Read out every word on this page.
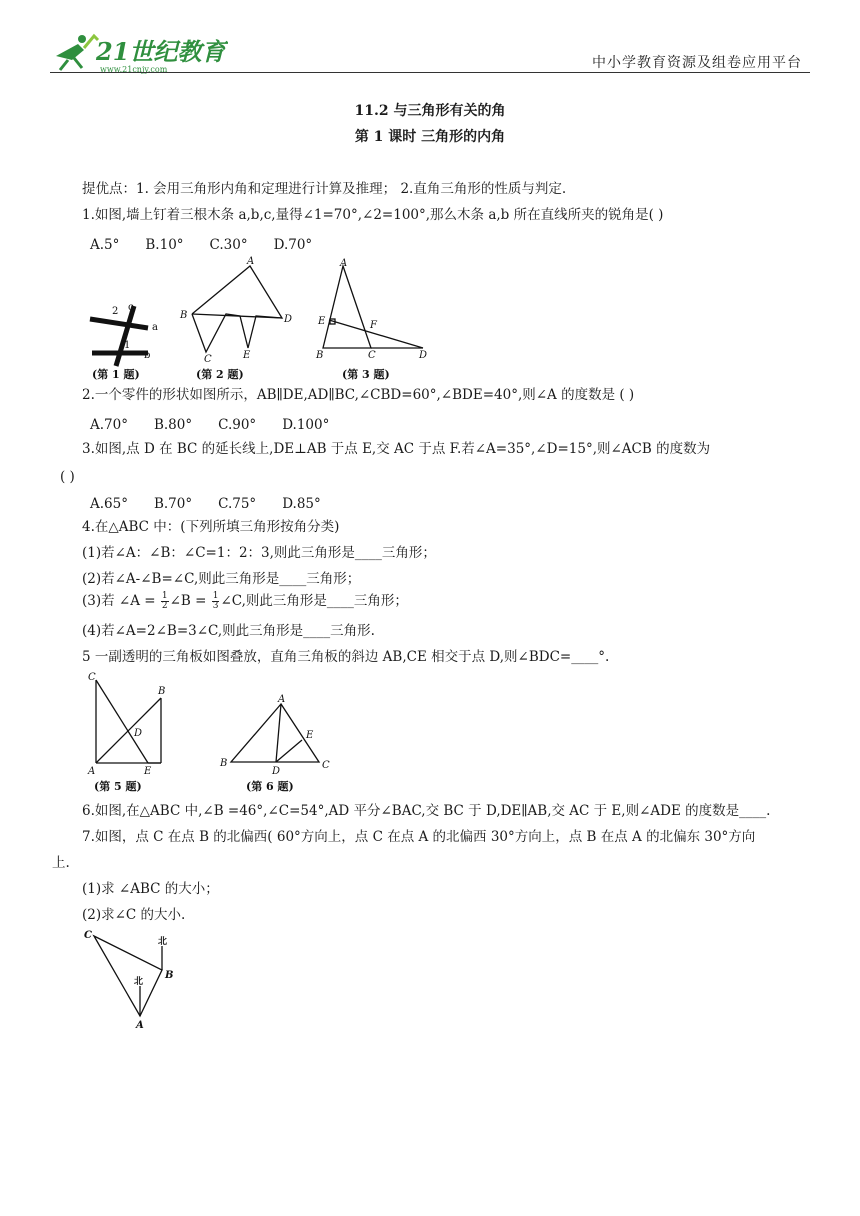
21世纪教育
www.21cnjy.com	中小学教育资源及组卷应用平台
11.2 与三角形有关的角
第 1 课时 三角形的内角
提优点：1. 会用三角形内角和定理进行计算及推理； 2.直角三角形的性质与判定.
1.如图,墙上钉着三根木条 a,b,c,量得∠1=70°,∠2=100°,那么木条 a,b 所在直线所夹的锐角是( )
A.5° B.10° C.30° D.70°
2 c
a
1
b
(第 1 题)
A
B	D
C	E
(第 2 题)
A
E	F
B	C	D
(第 3 题)
2.一个零件的形状如图所示，AB∥DE,AD∥BC,∠CBD=60°,∠BDE=40°,则∠A 的度数是 ( )
A.70° B.80° C.90° D.100°
3.如图,点 D 在 BC 的延长线上,DE⊥AB 于点 E,交 AC 于点 F.若∠A=35°,∠D=15°,则∠ACB 的度数为
( )
A.65° B.70° C.75° D.85°
4.在△ABC 中：(下列所填三角形按角分类)
(1)若∠A：∠B：∠C=1：2：3,则此三角形是____三角形；
(2)若∠A-∠B=∠C,则此三角形是____三角形；
(3)若 ∠A = $\frac{1}{2}$ ∠B = $\frac{1}{3}$ ∠C,则此三角形是____三角形；
(4)若∠A=2∠B=3∠C,则此三角形是____三角形.
5 一副透明的三角板如图叠放，直角三角板的斜边 AB,CE 相交于点 D,则∠BDC=____°.
C
B
D
A	E
(第 5 题)
A
E
B
D
C
(第 6 题)
6.如图,在△ABC 中,∠B =46°,∠C=54°,AD 平分∠BAC,交 BC 于 D,DE∥AB,交 AC 于 E,则∠ADE 的度数是____.
7.如图，点 C 在点 B 的北偏西( 60°方向上，点 C 在点 A 的北偏西 30°方向上，点 B 在点 A 的北偏东 30°方向
上.
(1)求 ∠ABC 的大小；
(2)求∠C 的大小.
C
北
B
北
A
